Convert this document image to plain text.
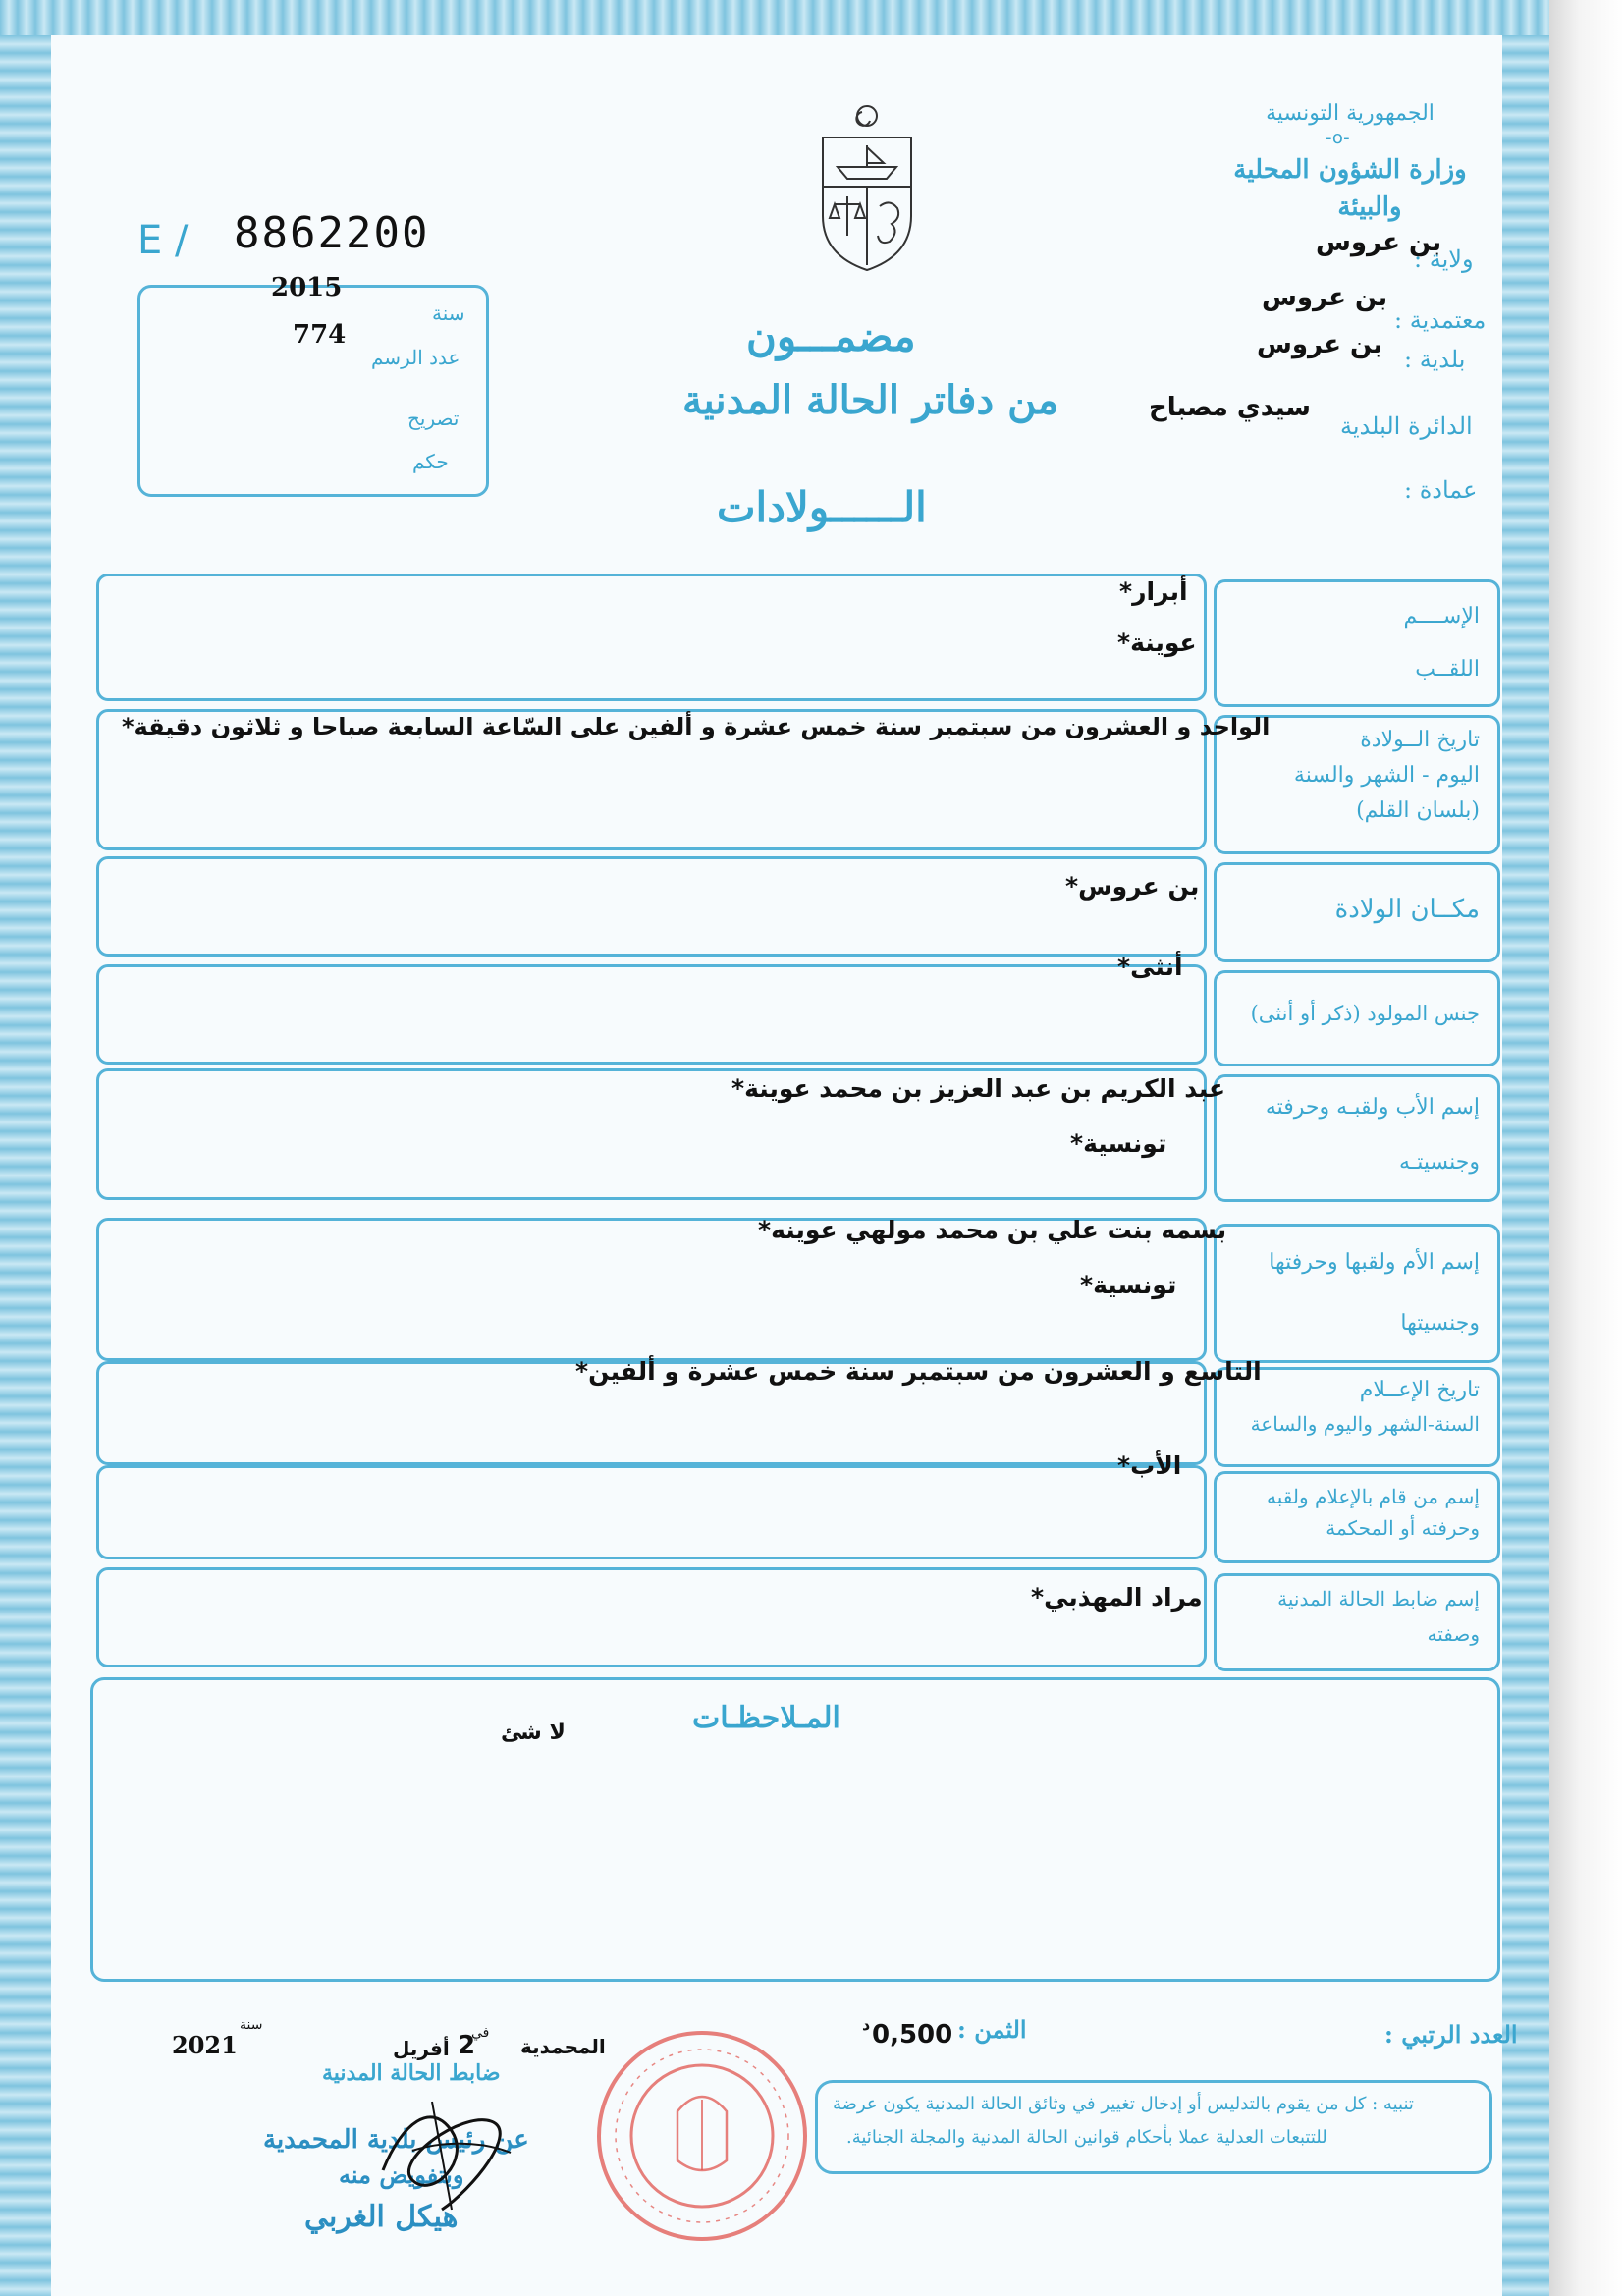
الجمهورية التونسية
-o-
وزارة الشؤون المحلية
والبيئة
ولاية :
بن عروس
معتمدية :
بن عروس
بلدية :
بن عروس
الدائرة البلدية
سيدي مصباح
عمادة :
E / 8862200
2015
سنة
774
عدد الرسم
تصريح
حكم
مضمـــون
من دفاتر الحالة المدنية
الــــــولادات
الإســــم
اللقــب
أبرار*
عوينة*
تاريخ الــولادة
اليوم - الشهر والسنة
(بلسان القلم)
الواحد و العشرون من سبتمبر سنة خمس عشرة و ألفين على السّاعة السابعة صباحا و ثلاثون دقيقة*
مكــان الولادة
بن عروس*
جنس المولود (ذكر أو أنثى)
أنثى*
إسم الأب ولقبـه وحرفته
وجنسيتـه
عبد الكريم بن عبد العزيز بن محمد عوينة*
تونسية*
إسم الأم ولقبها وحرفتها
وجنسيتها
بسمه بنت علي بن محمد مولهي عوينه*
تونسية*
تاريخ الإعــلام
السنة-الشهر واليوم والساعة
التاسع و العشرون من سبتمبر سنة خمس عشرة و ألفين*
إسم من قام بالإعلام ولقبه
وحرفته أو المحكمة
الأب*
إسم ضابط الحالة المدنية
وصفته
مراد المهذبي*
المـلاحظـات
لا شئ
العدد الرتبي :
الثمن :
0,500
د
المحمدية
في
2
أفريل
سنة
2021
ضابط الحالة المدنية
عن رئيس بلدية المحمدية
وبتفويض منه
هيكل الغربي
تنبيه : كل من يقوم بالتدليس أو إدخال تغيير في وثائق الحالة المدنية يكون عرضة
للتتبعات العدلية عملا بأحكام قوانين الحالة المدنية والمجلة الجنائية.
